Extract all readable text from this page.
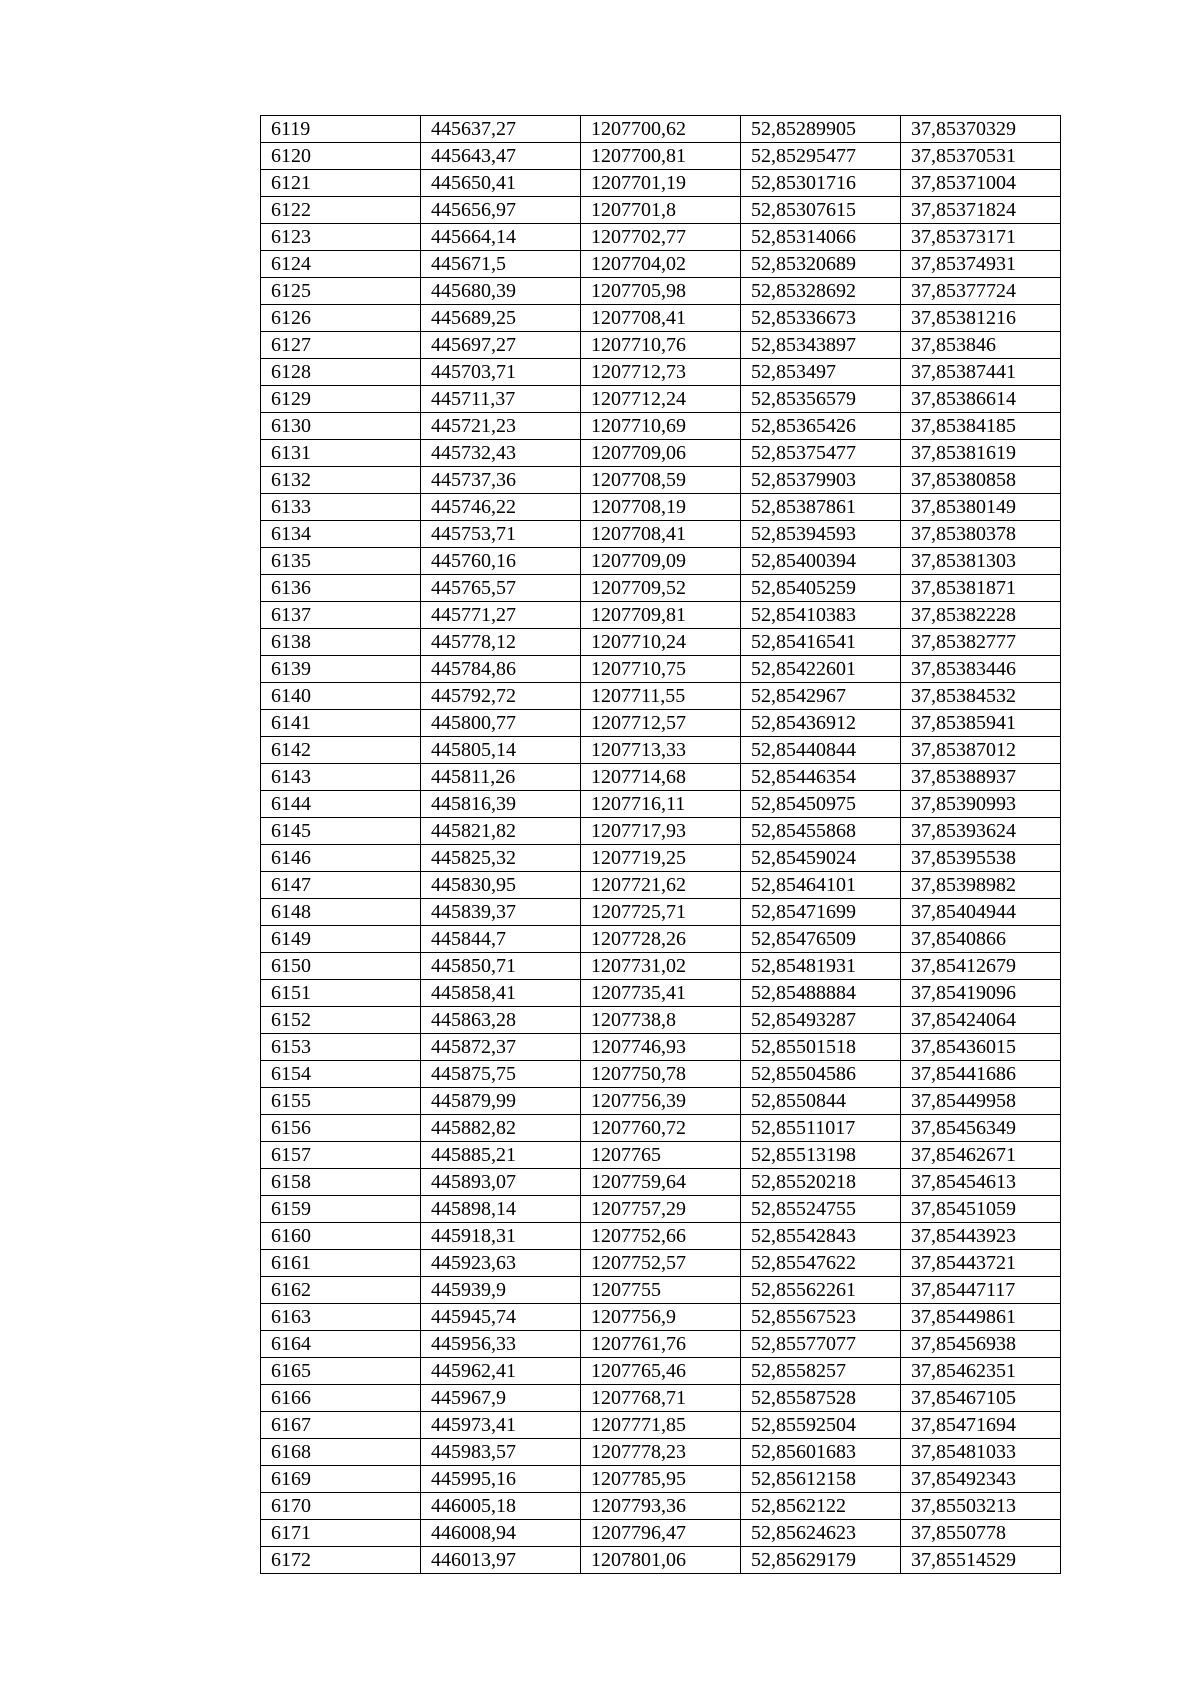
6119	445637,27	1207700,62	52,85289905	37,85370329
6120	445643,47	1207700,81	52,85295477	37,85370531
6121	445650,41	1207701,19	52,85301716	37,85371004
6122	445656,97	1207701,8	52,85307615	37,85371824
6123	445664,14	1207702,77	52,85314066	37,85373171
6124	445671,5	1207704,02	52,85320689	37,85374931
6125	445680,39	1207705,98	52,85328692	37,85377724
6126	445689,25	1207708,41	52,85336673	37,85381216
6127	445697,27	1207710,76	52,85343897	37,853846
6128	445703,71	1207712,73	52,853497	37,85387441
6129	445711,37	1207712,24	52,85356579	37,85386614
6130	445721,23	1207710,69	52,85365426	37,85384185
6131	445732,43	1207709,06	52,85375477	37,85381619
6132	445737,36	1207708,59	52,85379903	37,85380858
6133	445746,22	1207708,19	52,85387861	37,85380149
6134	445753,71	1207708,41	52,85394593	37,85380378
6135	445760,16	1207709,09	52,85400394	37,85381303
6136	445765,57	1207709,52	52,85405259	37,85381871
6137	445771,27	1207709,81	52,85410383	37,85382228
6138	445778,12	1207710,24	52,85416541	37,85382777
6139	445784,86	1207710,75	52,85422601	37,85383446
6140	445792,72	1207711,55	52,8542967	37,85384532
6141	445800,77	1207712,57	52,85436912	37,85385941
6142	445805,14	1207713,33	52,85440844	37,85387012
6143	445811,26	1207714,68	52,85446354	37,85388937
6144	445816,39	1207716,11	52,85450975	37,85390993
6145	445821,82	1207717,93	52,85455868	37,85393624
6146	445825,32	1207719,25	52,85459024	37,85395538
6147	445830,95	1207721,62	52,85464101	37,85398982
6148	445839,37	1207725,71	52,85471699	37,85404944
6149	445844,7	1207728,26	52,85476509	37,8540866
6150	445850,71	1207731,02	52,85481931	37,85412679
6151	445858,41	1207735,41	52,85488884	37,85419096
6152	445863,28	1207738,8	52,85493287	37,85424064
6153	445872,37	1207746,93	52,85501518	37,85436015
6154	445875,75	1207750,78	52,85504586	37,85441686
6155	445879,99	1207756,39	52,8550844	37,85449958
6156	445882,82	1207760,72	52,85511017	37,85456349
6157	445885,21	1207765	52,85513198	37,85462671
6158	445893,07	1207759,64	52,85520218	37,85454613
6159	445898,14	1207757,29	52,85524755	37,85451059
6160	445918,31	1207752,66	52,85542843	37,85443923
6161	445923,63	1207752,57	52,85547622	37,85443721
6162	445939,9	1207755	52,85562261	37,85447117
6163	445945,74	1207756,9	52,85567523	37,85449861
6164	445956,33	1207761,76	52,85577077	37,85456938
6165	445962,41	1207765,46	52,8558257	37,85462351
6166	445967,9	1207768,71	52,85587528	37,85467105
6167	445973,41	1207771,85	52,85592504	37,85471694
6168	445983,57	1207778,23	52,85601683	37,85481033
6169	445995,16	1207785,95	52,85612158	37,85492343
6170	446005,18	1207793,36	52,8562122	37,85503213
6171	446008,94	1207796,47	52,85624623	37,8550778
6172	446013,97	1207801,06	52,85629179	37,85514529
